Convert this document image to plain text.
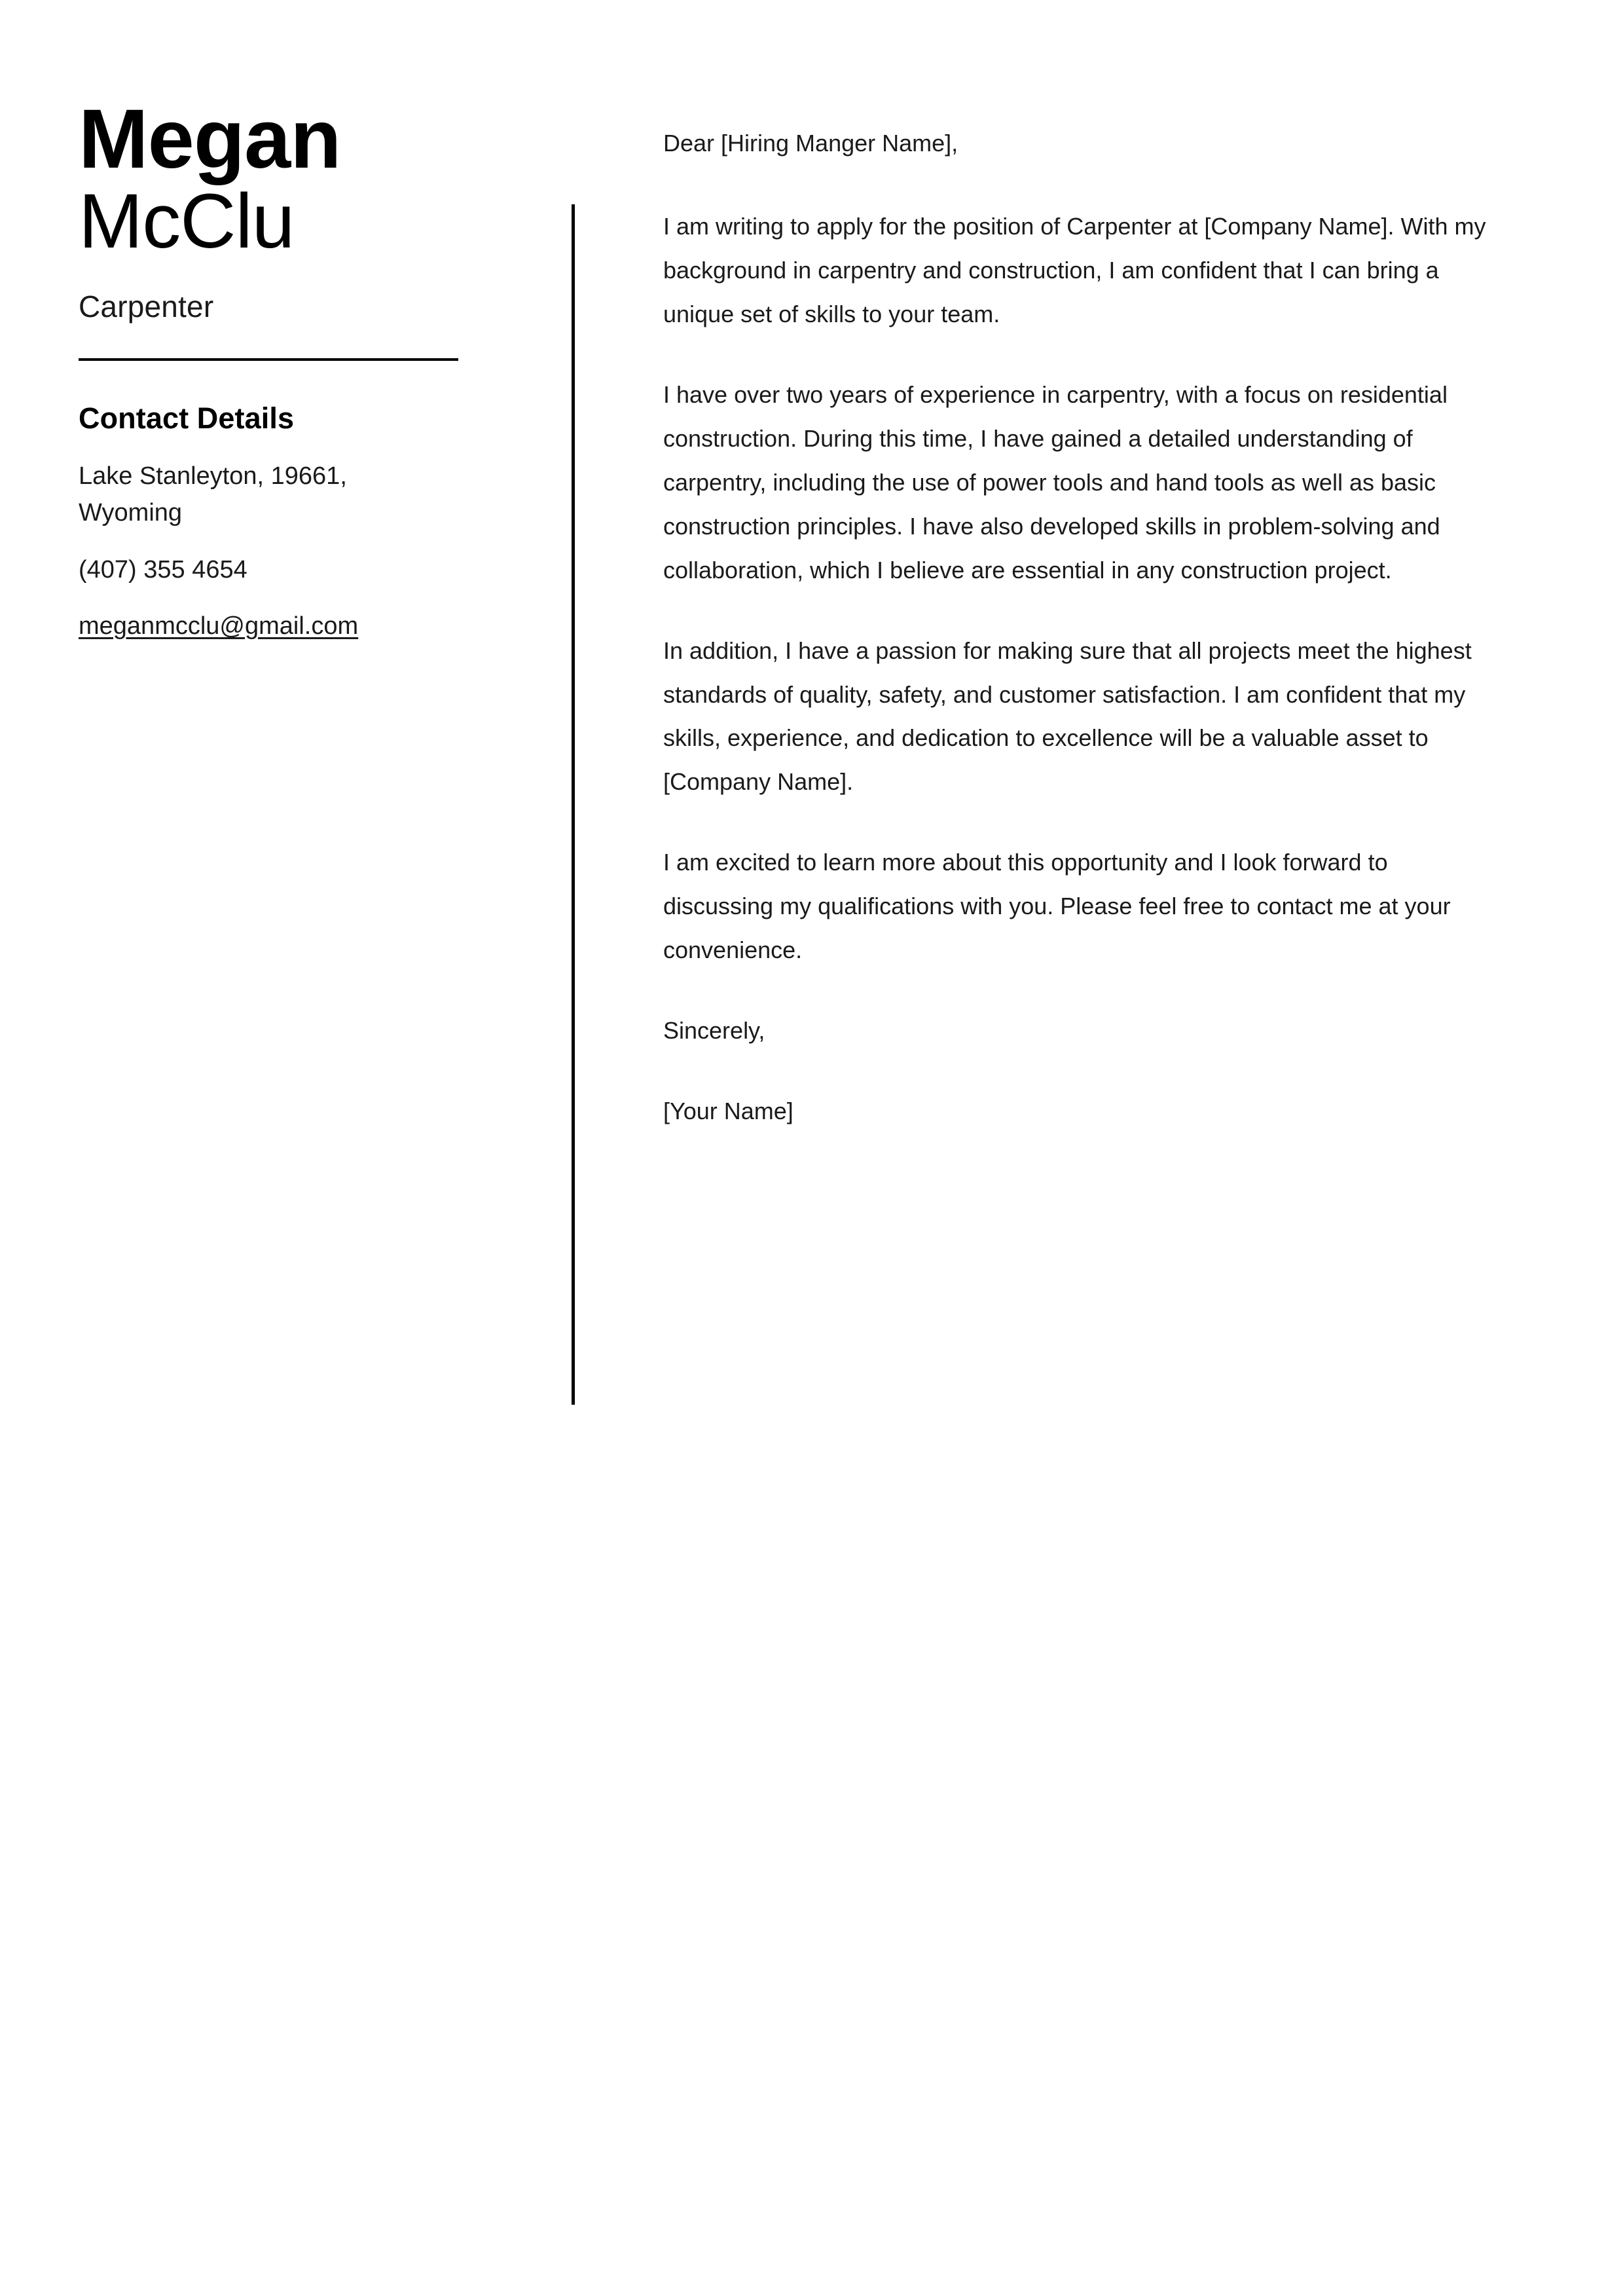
Megan
McClu
Carpenter
Contact Details
Lake Stanleyton, 19661, Wyoming
(407) 355 4654
meganmcclu@gmail.com

Dear [Hiring Manger Name],

I am writing to apply for the position of Carpenter at [Company Name]. With my background in carpentry and construction, I am confident that I can bring a unique set of skills to your team.

I have over two years of experience in carpentry, with a focus on residential construction. During this time, I have gained a detailed understanding of carpentry, including the use of power tools and hand tools as well as basic construction principles. I have also developed skills in problem-solving and collaboration, which I believe are essential in any construction project.

In addition, I have a passion for making sure that all projects meet the highest standards of quality, safety, and customer satisfaction. I am confident that my skills, experience, and dedication to excellence will be a valuable asset to [Company Name].

I am excited to learn more about this opportunity and I look forward to discussing my qualifications with you. Please feel free to contact me at your convenience.

Sincerely,

[Your Name]
